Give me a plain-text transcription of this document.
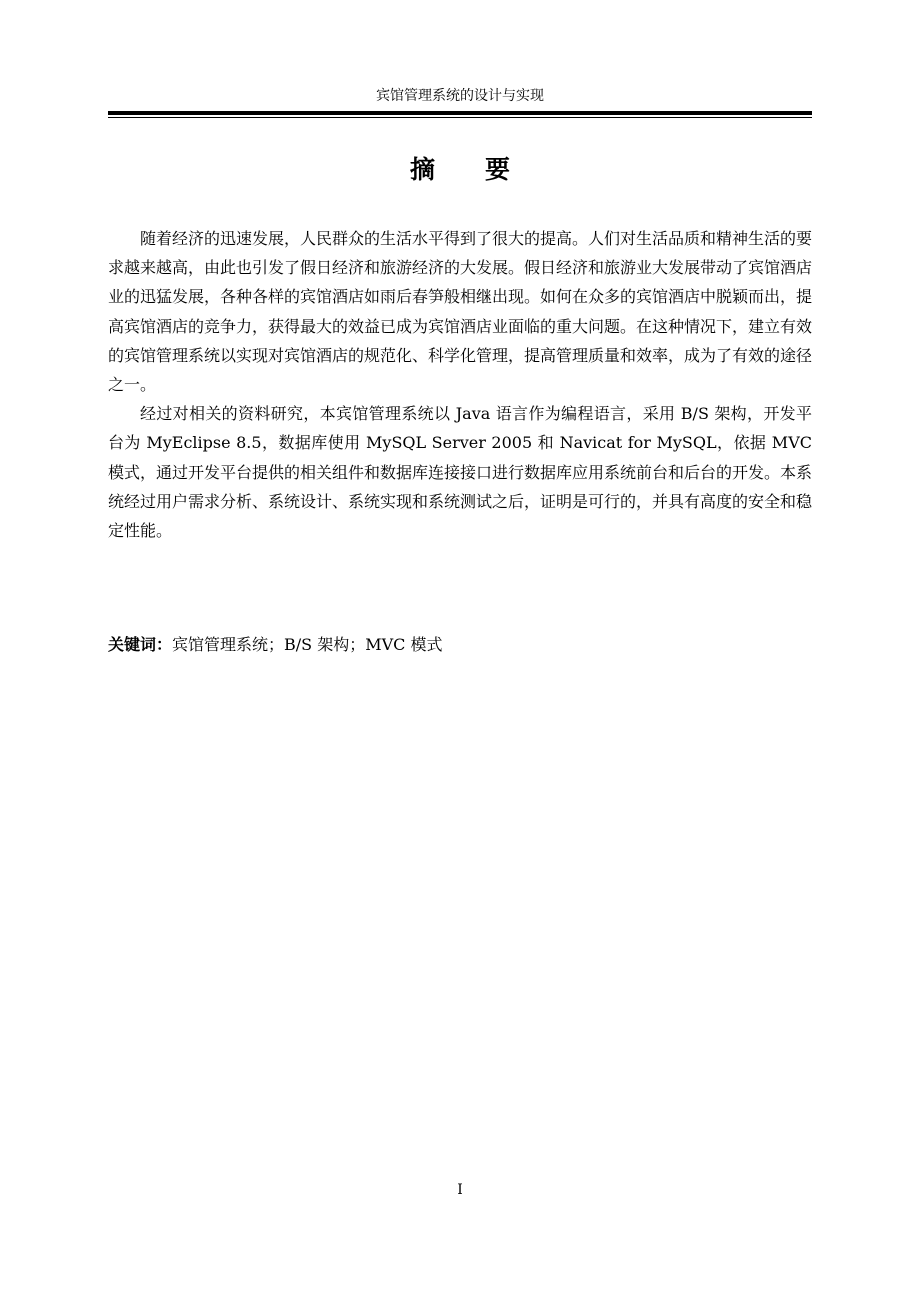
宾馆管理系统的设计与实现
摘要

随着经济的迅速发展，人民群众的生活水平得到了很大的提高。人们对生活品质和精神生活的要求越来越高，由此也引发了假日经济和旅游经济的大发展。假日经济和旅游业大发展带动了宾馆酒店业的迅猛发展，各种各样的宾馆酒店如雨后春笋般相继出现。如何在众多的宾馆酒店中脱颖而出，提高宾馆酒店的竞争力，获得最大的效益已成为宾馆酒店业面临的重大问题。在这种情况下，建立有效的宾馆管理系统以实现对宾馆酒店的规范化、科学化管理，提高管理质量和效率，成为了有效的途径之一。

经过对相关的资料研究，本宾馆管理系统以 Java 语言作为编程语言，采用 B/S 架构，开发平台为 MyEclipse 8.5，数据库使用 MySQL Server 2005 和 Navicat for MySQL，依据 MVC 模式，通过开发平台提供的相关组件和数据库连接接口进行数据库应用系统前台和后台的开发。本系统经过用户需求分析、系统设计、系统实现和系统测试之后，证明是可行的，并具有高度的安全和稳定性能。

关键词：宾馆管理系统；B/S 架构；MVC 模式
I
